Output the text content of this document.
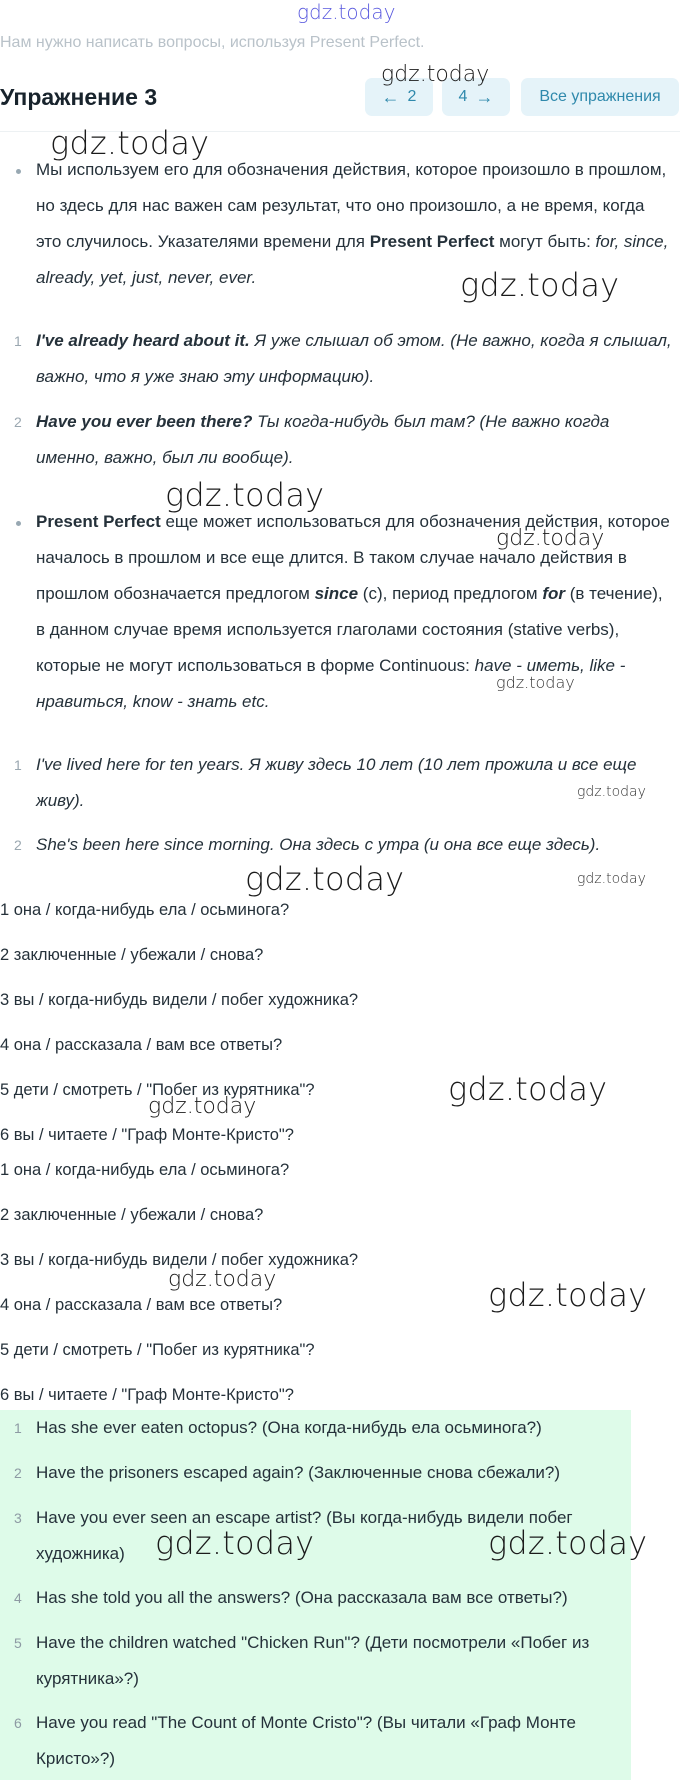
gdz.today
Нам нужно написать вопросы, используя Present Perfect.
Упражнение 3	← 2	4 →	Все упражнения
gdz.today
Мы используем его для обозначения действия, которое произошло в прошлом, но здесь для нас важен сам результат, что оно произошло, а не время, когда это случилось. Указателями времени для Present Perfect могут быть: for, since, already, yet, just, never, ever.
1 I've already heard about it. Я уже слышал об этом. (Не важно, когда я слышал, важно, что я уже знаю эту информацию).
2 Have you ever been there? Ты когда-нибудь был там? (Не важно когда именно, важно, был ли вообще).
Present Perfect еще может использоваться для обозначения действия, которое началось в прошлом и все еще длится. В таком случае начало действия в прошлом обозначается предлогом since (с), период предлогом for (в течение), в данном случае время используется глаголами состояния (stative verbs), которые не могут использоваться в форме Continuous: have - иметь, like - нравиться, know - знать etc.
1 I've lived here for ten years. Я живу здесь 10 лет (10 лет прожила и все еще живу).
2 She's been here since morning. Она здесь с утра (и она все еще здесь).
1 она / когда-нибудь ела / осьминога?
2 заключенные / убежали / снова?
3 вы / когда-нибудь видели / побег художника?
4 она / рассказала / вам все ответы?
5 дети / смотреть / "Побег из курятника"?
6 вы / читаете / "Граф Монте-Кристо"?
1 она / когда-нибудь ела / осьминога?
2 заключенные / убежали / снова?
3 вы / когда-нибудь видели / побег художника?
4 она / рассказала / вам все ответы?
5 дети / смотреть / "Побег из курятника"?
6 вы / читаете / "Граф Монте-Кристо"?
1 Has she ever eaten octopus? (Она когда-нибудь ела осьминога?)
2 Have the prisoners escaped again? (Заключенные снова сбежали?)
3 Have you ever seen an escape artist? (Вы когда-нибудь видели побег художника)
4 Has she told you all the answers? (Она рассказала вам все ответы?)
5 Have the children watched "Chicken Run"? (Дети посмотрели «Побег из курятника»?)
6 Have you read "The Count of Monte Cristo"? (Вы читали «Граф Монте Кристо»?)
gdz.today
gdz.today
gdz.today
gdz.today
gdz.today
gdz.today
gdz.today	gdz.today
gdz.today
gdz.today
gdz.today	gdz.today
gdz.today	gdz.today
